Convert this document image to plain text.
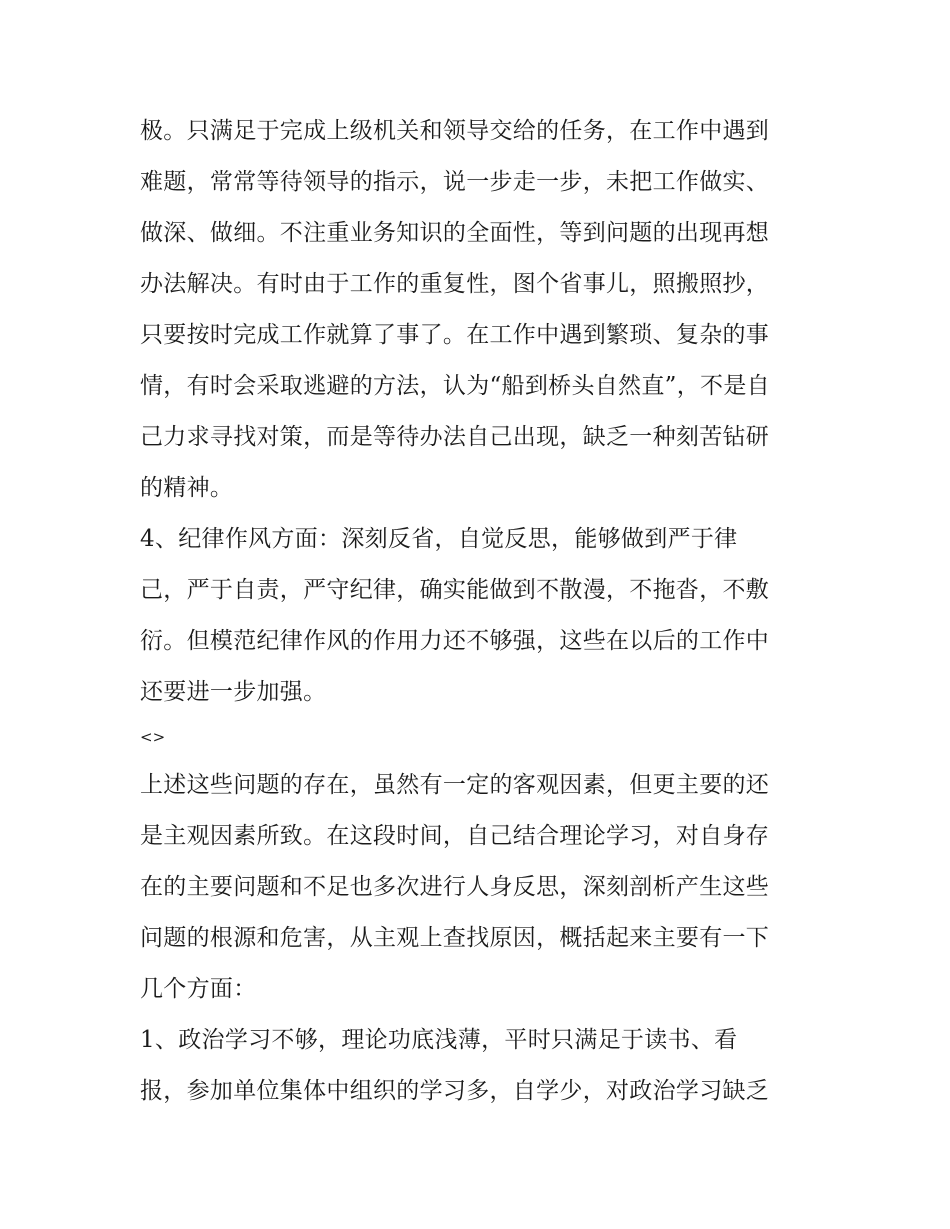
极。只满足于完成上级机关和领导交给的任务，在工作中遇到
难题，常常等待领导的指示，说一步走一步，未把工作做实、
做深、做细。不注重业务知识的全面性，等到问题的出现再想
办法解决。有时由于工作的重复性，图个省事儿，照搬照抄，
只要按时完成工作就算了事了。在工作中遇到繁琐、复杂的事
情，有时会采取逃避的方法，认为“船到桥头自然直”，不是自
己力求寻找对策，而是等待办法自己出现，缺乏一种刻苦钻研
的精神。
4、纪律作风方面：深刻反省，自觉反思，能够做到严于律
己，严于自责，严守纪律，确实能做到不散漫，不拖沓，不敷
衍。但模范纪律作风的作用力还不够强，这些在以后的工作中
还要进一步加强。
<>
上述这些问题的存在，虽然有一定的客观因素，但更主要的还
是主观因素所致。在这段时间，自己结合理论学习，对自身存
在的主要问题和不足也多次进行人身反思，深刻剖析产生这些
问题的根源和危害，从主观上查找原因，概括起来主要有一下
几个方面：
1、政治学习不够，理论功底浅薄，平时只满足于读书、看
报，参加单位集体中组织的学习多，自学少，对政治学习缺乏
